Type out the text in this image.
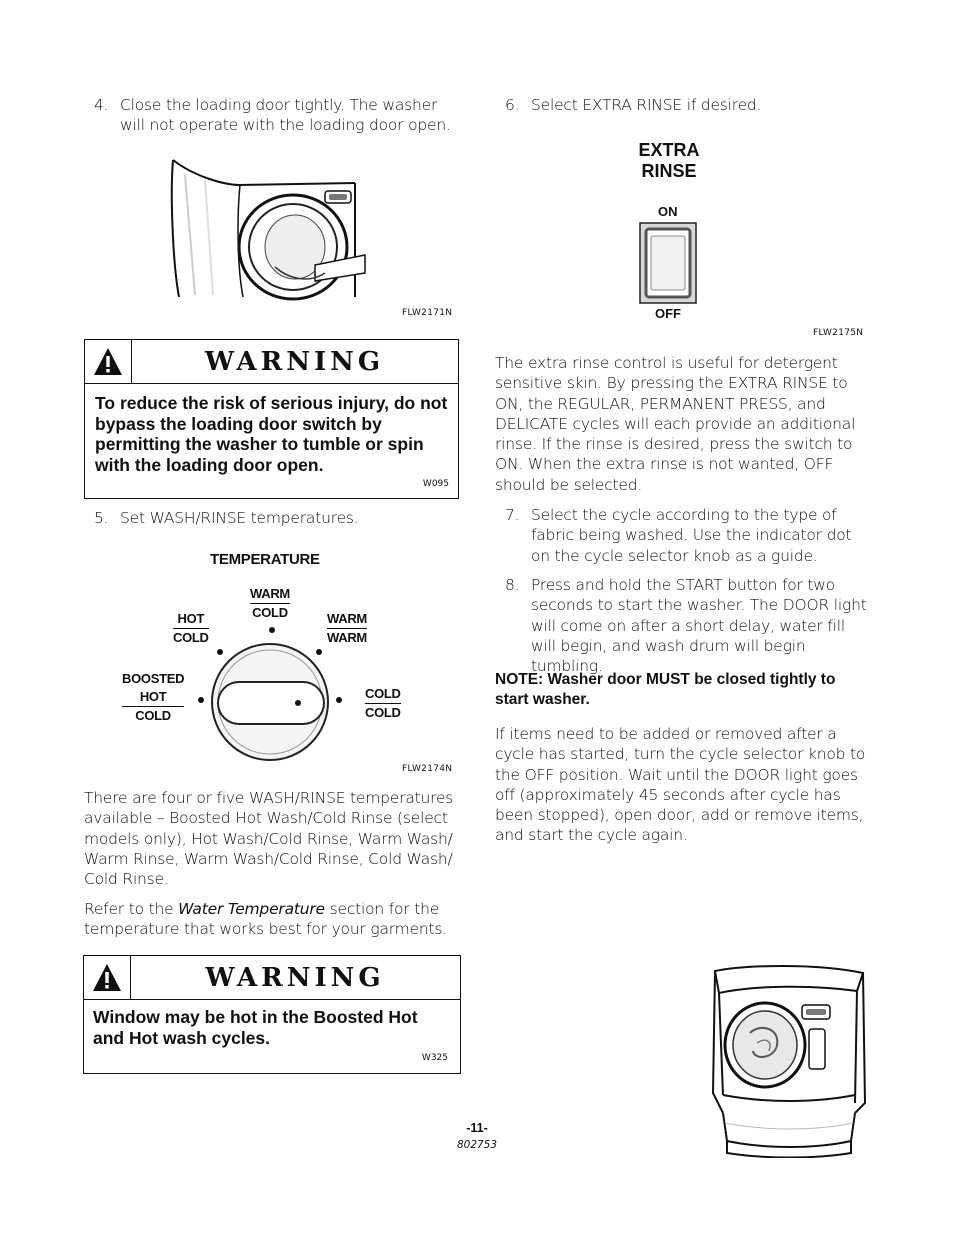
4. Close the loading door tightly. The washer will not operate with the loading door open.
FLW2171N
WARNING
To reduce the risk of serious injury, do not bypass the loading door switch by permitting the washer to tumble or spin with the loading door open.
W095
5. Set WASH/RINSE temperatures.
TEMPERATURE
WARM
COLD
HOT
COLD
WARM
WARM
BOOSTED
HOT
COLD
COLD
COLD
FLW2174N
There are four or five WASH/RINSE temperatures available – Boosted Hot Wash/Cold Rinse (select models only), Hot Wash/Cold Rinse, Warm Wash/ Warm Rinse, Warm Wash/Cold Rinse, Cold Wash/ Cold Rinse.
Refer to the Water Temperature section for the temperature that works best for your garments.
WARNING
Window may be hot in the Boosted Hot and Hot wash cycles.
W325
6. Select EXTRA RINSE if desired.
EXTRA
RINSE
ON
OFF
FLW2175N
The extra rinse control is useful for detergent sensitive skin. By pressing the EXTRA RINSE to ON, the REGULAR, PERMANENT PRESS, and DELICATE cycles will each provide an additional rinse. If the rinse is desired, press the switch to ON. When the extra rinse is not wanted, OFF should be selected.
7. Select the cycle according to the type of fabric being washed. Use the indicator dot on the cycle selector knob as a guide.
8. Press and hold the START button for two seconds to start the washer. The DOOR light will come on after a short delay, water fill will begin, and wash drum will begin tumbling.
NOTE: Washer door MUST be closed tightly to start washer.
If items need to be added or removed after a cycle has started, turn the cycle selector knob to the OFF position. Wait until the DOOR light goes off (approximately 45 seconds after cycle has been stopped), open door, add or remove items, and start the cycle again.
-11-
802753
